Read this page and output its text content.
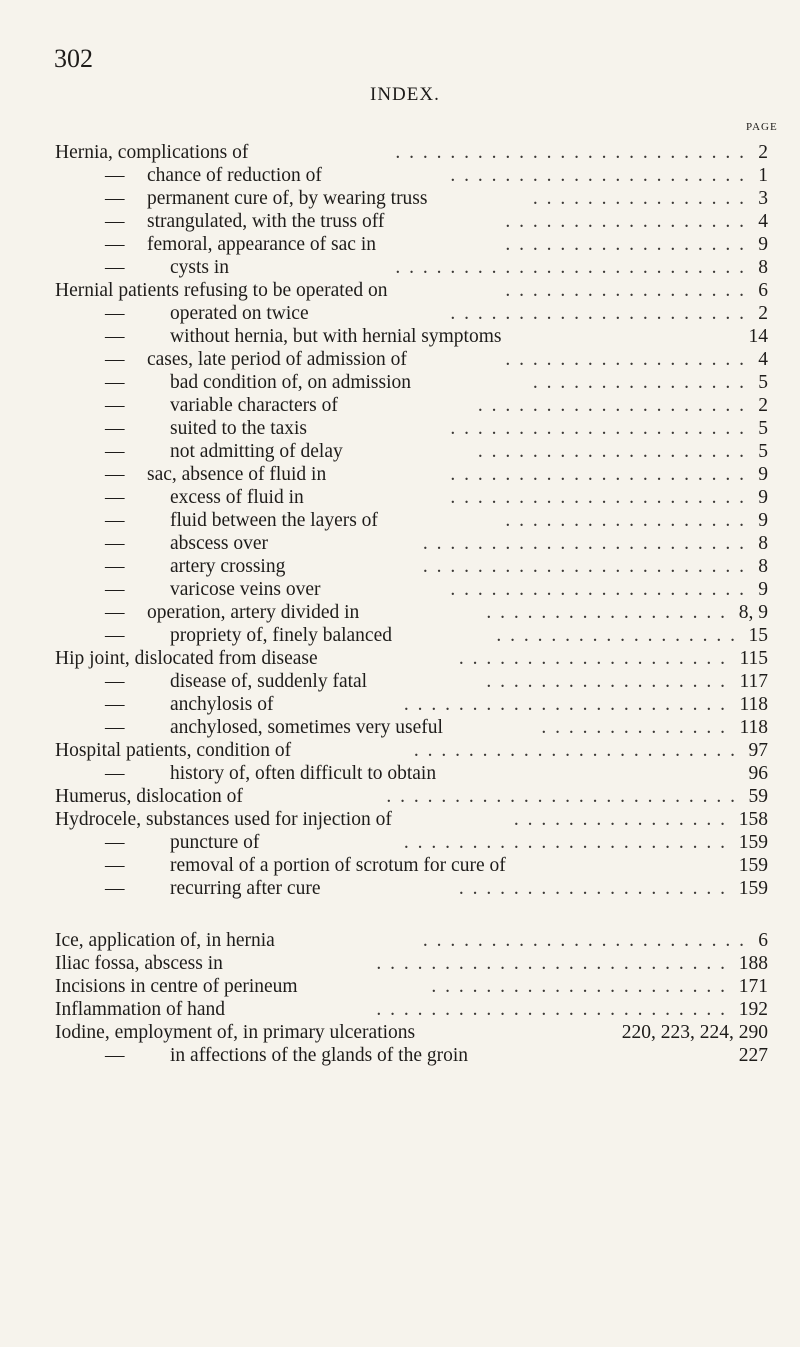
302
INDEX.
PAGE
Hernia, complications of	. . . . . . . . . . . . . . . . . . . . . . . . . . 2
— chance of reduction of	. . . . . . . . . . . . . . . . . . . . . . 1
— permanent cure of, by wearing truss	. . . . . . . . . . . . . . . . 3
— strangulated, with the truss off	. . . . . . . . . . . . . . . . . . 4
— femoral, appearance of sac in	. . . . . . . . . . . . . . . . . . 9
— cysts in	. . . . . . . . . . . . . . . . . . . . . . . . . . 8
Hernial patients refusing to be operated on	. . . . . . . . . . . . . . . . . . 6
— operated on twice	. . . . . . . . . . . . . . . . . . . . . . 2
— without hernia, but with hernial symptoms	14
— cases, late period of admission of	. . . . . . . . . . . . . . . . . . 4
— bad condition of, on admission	. . . . . . . . . . . . . . . . 5
— variable characters of	. . . . . . . . . . . . . . . . . . . . 2
— suited to the taxis	. . . . . . . . . . . . . . . . . . . . . . 5
— not admitting of delay	. . . . . . . . . . . . . . . . . . . . 5
— sac, absence of fluid in	. . . . . . . . . . . . . . . . . . . . . . 9
— excess of fluid in	. . . . . . . . . . . . . . . . . . . . . . 9
— fluid between the layers of	. . . . . . . . . . . . . . . . . . 9
— abscess over	. . . . . . . . . . . . . . . . . . . . . . . . 8
— artery crossing	. . . . . . . . . . . . . . . . . . . . . . . . 8
— varicose veins over	. . . . . . . . . . . . . . . . . . . . . . 9
— operation, artery divided in	. . . . . . . . . . . . . . . . . . 8, 9
— propriety of, finely balanced	. . . . . . . . . . . . . . . . . . 15
Hip joint, dislocated from disease	. . . . . . . . . . . . . . . . . . . . 115
— disease of, suddenly fatal	. . . . . . . . . . . . . . . . . . 117
— anchylosis of	. . . . . . . . . . . . . . . . . . . . . . . . 118
— anchylosed, sometimes very useful	. . . . . . . . . . . . . . 118
Hospital patients, condition of	. . . . . . . . . . . . . . . . . . . . . . . . 97
— history of, often difficult to obtain	96
Humerus, dislocation of	. . . . . . . . . . . . . . . . . . . . . . . . . . 59
Hydrocele, substances used for injection of	. . . . . . . . . . . . . . . . 158
— puncture of	. . . . . . . . . . . . . . . . . . . . . . . . 159
— removal of a portion of scrotum for cure of	159
— recurring after cure	. . . . . . . . . . . . . . . . . . . . 159
Ice, application of, in hernia	. . . . . . . . . . . . . . . . . . . . . . . . 6
Iliac fossa, abscess in	. . . . . . . . . . . . . . . . . . . . . . . . . . 188
Incisions in centre of perineum	. . . . . . . . . . . . . . . . . . . . . . 171
Inflammation of hand	. . . . . . . . . . . . . . . . . . . . . . . . . . 192
Iodine, employment of, in primary ulcerations	220, 223, 224, 290
— in affections of the glands of the groin	227
